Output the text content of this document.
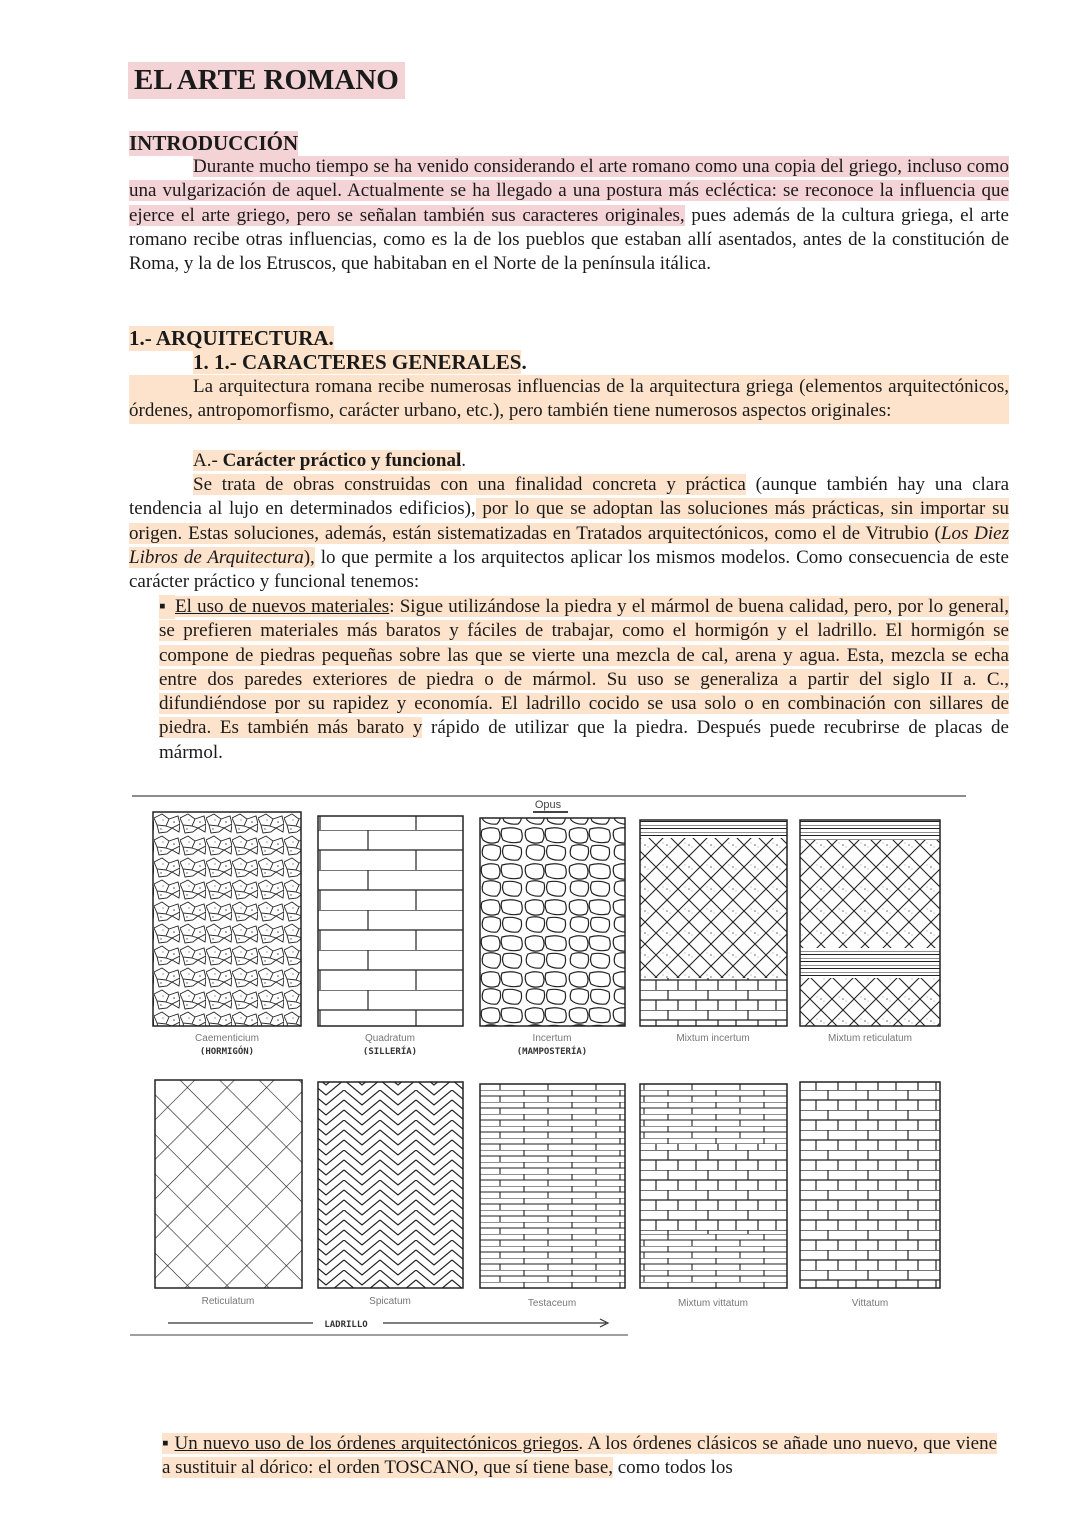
EL ARTE ROMANO
INTRODUCCIÓN

Durante mucho tiempo se ha venido considerando el arte romano como una copia del griego, incluso como una vulgarización de aquel. Actualmente se ha llegado a una postura más ecléctica: se reconoce la influencia que ejerce el arte griego, pero se señalan también sus caracteres originales, pues además de la cultura griega, el arte romano recibe otras influencias, como es la de los pueblos que estaban allí asentados, antes de la constitución de Roma, y la de los Etruscos, que habitaban en el Norte de la península itálica.

1.- ARQUITECTURA.
1. 1.- CARACTERES GENERALES.

La arquitectura romana recibe numerosas influencias de la arquitectura griega (elementos arquitectónicos, órdenes, antropomorfismo, carácter urbano, etc.), pero también tiene numerosos aspectos originales:

A.- Carácter práctico y funcional.

Se trata de obras construidas con una finalidad concreta y práctica (aunque también hay una clara tendencia al lujo en determinados edificios), por lo que se adoptan las soluciones más prácticas, sin importar su origen. Estas soluciones, además, están sistematizadas en Tratados arquitectónicos, como el de Vitrubio (Los Diez Libros de Arquitectura), lo que permite a los arquitectos aplicar los mismos modelos. Como consecuencia de este carácter práctico y funcional tenemos:

▪ El uso de nuevos materiales: Sigue utilizándose la piedra y el mármol de buena calidad, pero, por lo general, se prefieren materiales más baratos y fáciles de trabajar, como el hormigón y el ladrillo. El hormigón se compone de piedras pequeñas sobre las que se vierte una mezcla de cal, arena y agua. Esta, mezcla se echa entre dos paredes exteriores de piedra o de mármol. Su uso se generaliza a partir del siglo II a. C., difundiéndose por su rapidez y economía. El ladrillo cocido se usa solo o en combinación con sillares de piedra. Es también más barato y rápido de utilizar que la piedra. Después puede recubrirse de placas de mármol.

Opus
Caementicium
(HORMIGÓN)
Quadratum
(SILLERÍA)
Incertum
(MAMPOSTERÍA)
Mixtum incertum	Mixtum reticulatum
Reticulatum	Spicatum	Testaceum	Mixtum vittatum	Vittatum
LADRILLO

▪ Un nuevo uso de los órdenes arquitectónicos griegos. A los órdenes clásicos se añade uno nuevo, que viene a sustituir al dórico: el orden TOSCANO, que sí tiene base, como todos los
